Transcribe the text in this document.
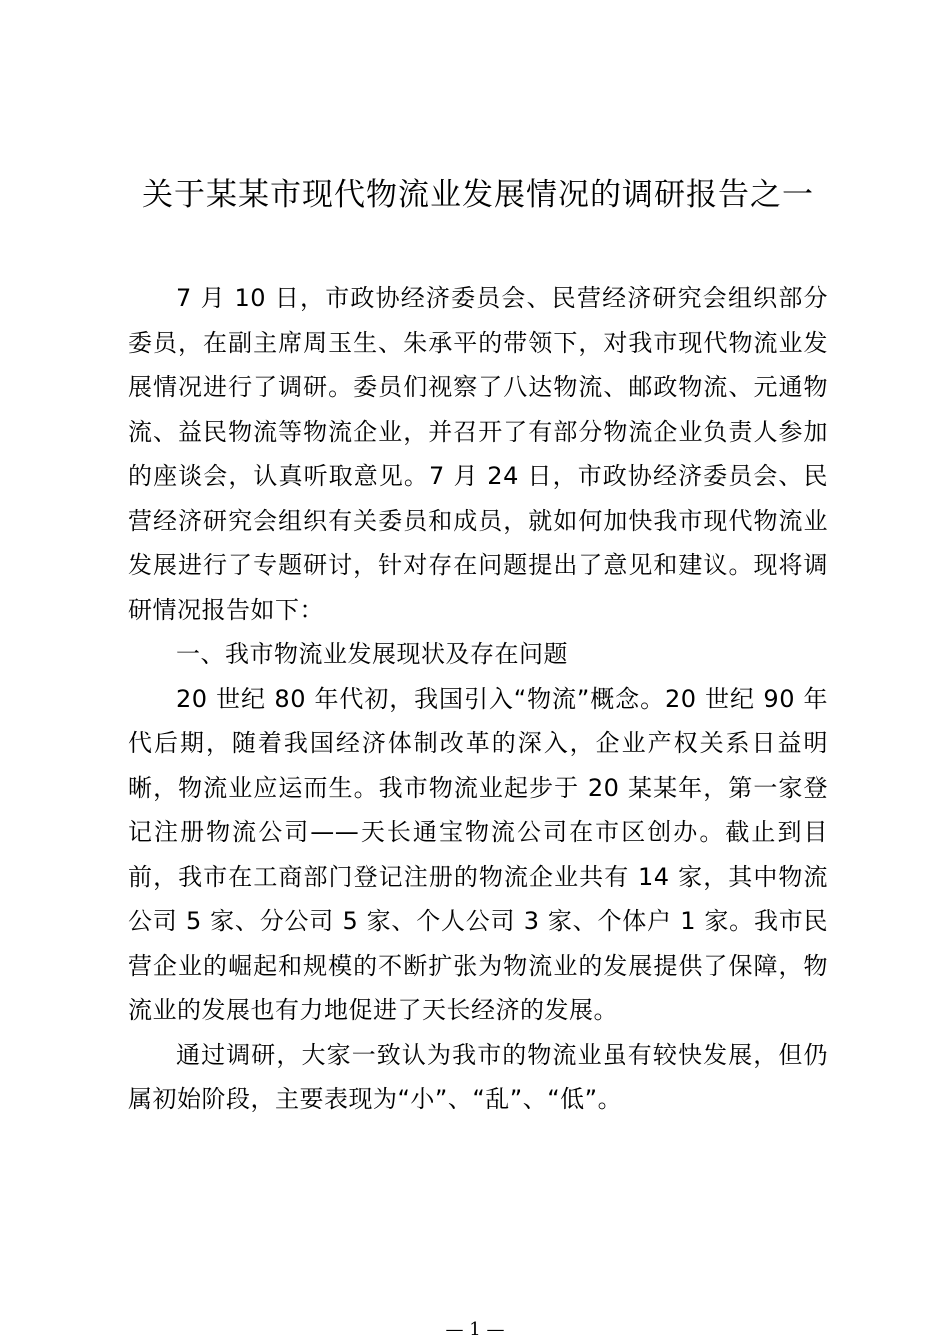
关于某某市现代物流业发展情况的调研报告之一

7 月 10 日，市政协经济委员会、民营经济研究会组织部分委员，在副主席周玉生、朱承平的带领下，对我市现代物流业发展情况进行了调研。委员们视察了八达物流、邮政物流、元通物流、益民物流等物流企业，并召开了有部分物流企业负责人参加的座谈会，认真听取意见。7 月 24 日，市政协经济委员会、民营经济研究会组织有关委员和成员，就如何加快我市现代物流业发展进行了专题研讨，针对存在问题提出了意见和建议。现将调研情况报告如下：

一、我市物流业发展现状及存在问题

20 世纪 80 年代初，我国引入“物流”概念。20 世纪 90 年代后期，随着我国经济体制改革的深入，企业产权关系日益明晰，物流业应运而生。我市物流业起步于 20 某某年，第一家登记注册物流公司——天长通宝物流公司在市区创办。截止到目前，我市在工商部门登记注册的物流企业共有 14 家，其中物流公司 5 家、分公司 5 家、个人公司 3 家、个体户 1 家。我市民营企业的崛起和规模的不断扩张为物流业的发展提供了保障，物流业的发展也有力地促进了天长经济的发展。

通过调研，大家一致认为我市的物流业虽有较快发展，但仍属初始阶段，主要表现为“小”、“乱”、“低”。

— 1 —
